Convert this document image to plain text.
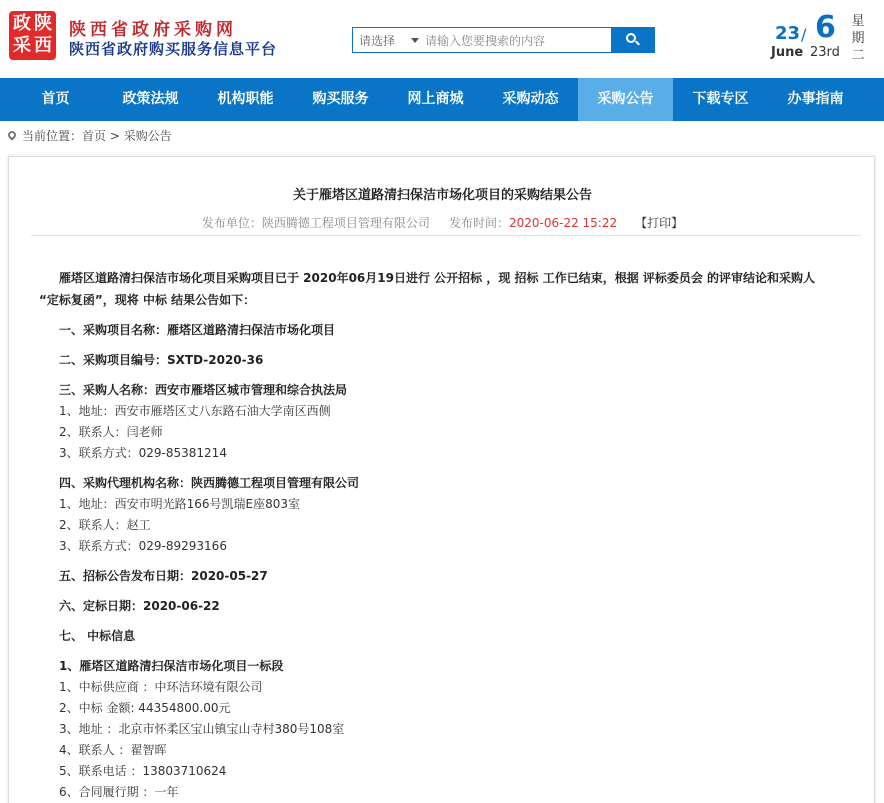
政 陕
采 西
陕西省政府采购网
陕西省政府购买服务信息平台	请选择 请输入您要搜索的内容	23 / 6
June 23rd
星
期
二
首页	政策法规	机构职能	购买服务	网上商城	采购动态	采购公告	下载专区	办事指南
当前位置：首页 > 采购公告
关于雁塔区道路清扫保洁市场化项目的采购结果公告
发布单位：陕西腾德工程项目管理有限公司 发布时间：2020-06-22 15:22 【打印】
雁塔区道路清扫保洁市场化项目采购项目已于 2020年06月19日进行 公开招标 ，现 招标 工作已结束，根据 评标委员会 的评审结论和采购人
“定标复函”，现将 中标 结果公告如下：
一、采购项目名称：雁塔区道路清扫保洁市场化项目
二、采购项目编号：SXTD-2020-36
三、采购人名称：西安市雁塔区城市管理和综合执法局
1、地址：西安市雁塔区丈八东路石油大学南区西侧
2、联系人：闫老师
3、联系方式：029-85381214
四、采购代理机构名称：陕西腾德工程项目管理有限公司
1、地址：西安市明光路166号凯瑞E座803室
2、联系人：赵工
3、联系方式：029-89293166
五、招标公告发布日期：2020-05-27
六、定标日期：2020-06-22
七、 中标信息
1、雁塔区道路清扫保洁市场化项目一标段
1、中标供应商 ：中环洁环境有限公司
2、中标 金额: 44354800.00元
3、地址 ：北京市怀柔区宝山镇宝山寺村380号108室
4、联系人 ：翟智晖
5、联系电话 ：13803710624
6、合同履行期 ：一年
